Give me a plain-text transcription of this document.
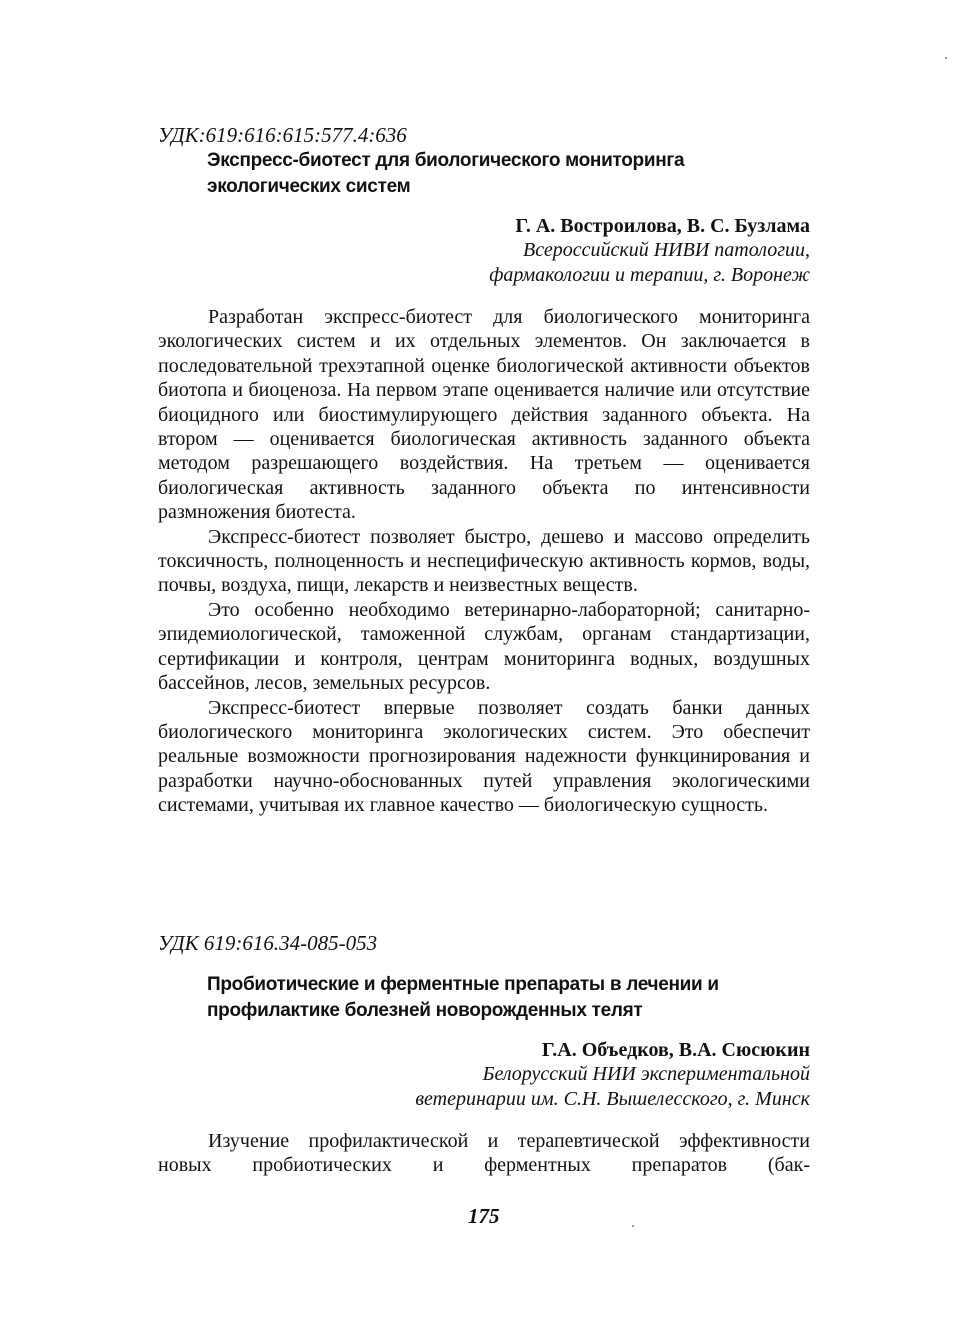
УДК:619:616:615:577.4:636
Экспресс-биотест для биологического мониторинга
экологических систем
Г. А. Востроилова, В. С. Бузлама
Всероссийский НИВИ патологии,
фармакологии и терапии, г. Воронеж

Разработан экспресс-биотест для биологического мониторинга экологических систем и их отдельных элементов. Он заключается в последовательной трехэтапной оценке биологической активности объектов биотопа и биоценоза. На первом этапе оценивается наличие или отсутствие биоцидного или биостимулирующего действия заданного объекта. На втором — оценивается биологическая активность заданного объекта методом разрешающего воздействия. На третьем — оценивается биологическая активность заданного объекта по интенсивности размножения биотеста.

Экспресс-биотест позволяет быстро, дешево и массово определить токсичность, полноценность и неспецифическую активность кормов, воды, почвы, воздуха, пищи, лекарств и неизвестных веществ.

Это особенно необходимо ветеринарно-лабораторной; санитарно-эпидемиологической, таможенной службам, органам стандартизации, сертификации и контроля, центрам мониторинга водных, воздушных бассейнов, лесов, земельных ресурсов.

Экспресс-биотест впервые позволяет создать банки данных биологического мониторинга экологических систем. Это обеспечит реальные возможности прогнозирования надежности функцинирования и разработки научно-обоснованных путей управления экологическими системами, учитывая их главное качество — биологическую сущность.

УДК 619:616.34-085-053
Пробиотические и ферментные препараты в лечении и
профилактике болезней новорожденных телят
Г.А. Объедков, В.А. Сюсюкин
Белорусский НИИ экспериментальной
ветеринарии им. С.Н. Вышелесского, г. Минск

Изучение профилактической и терапевтической эффективности новых пробиотических и ферментных препаратов (бак-

175
